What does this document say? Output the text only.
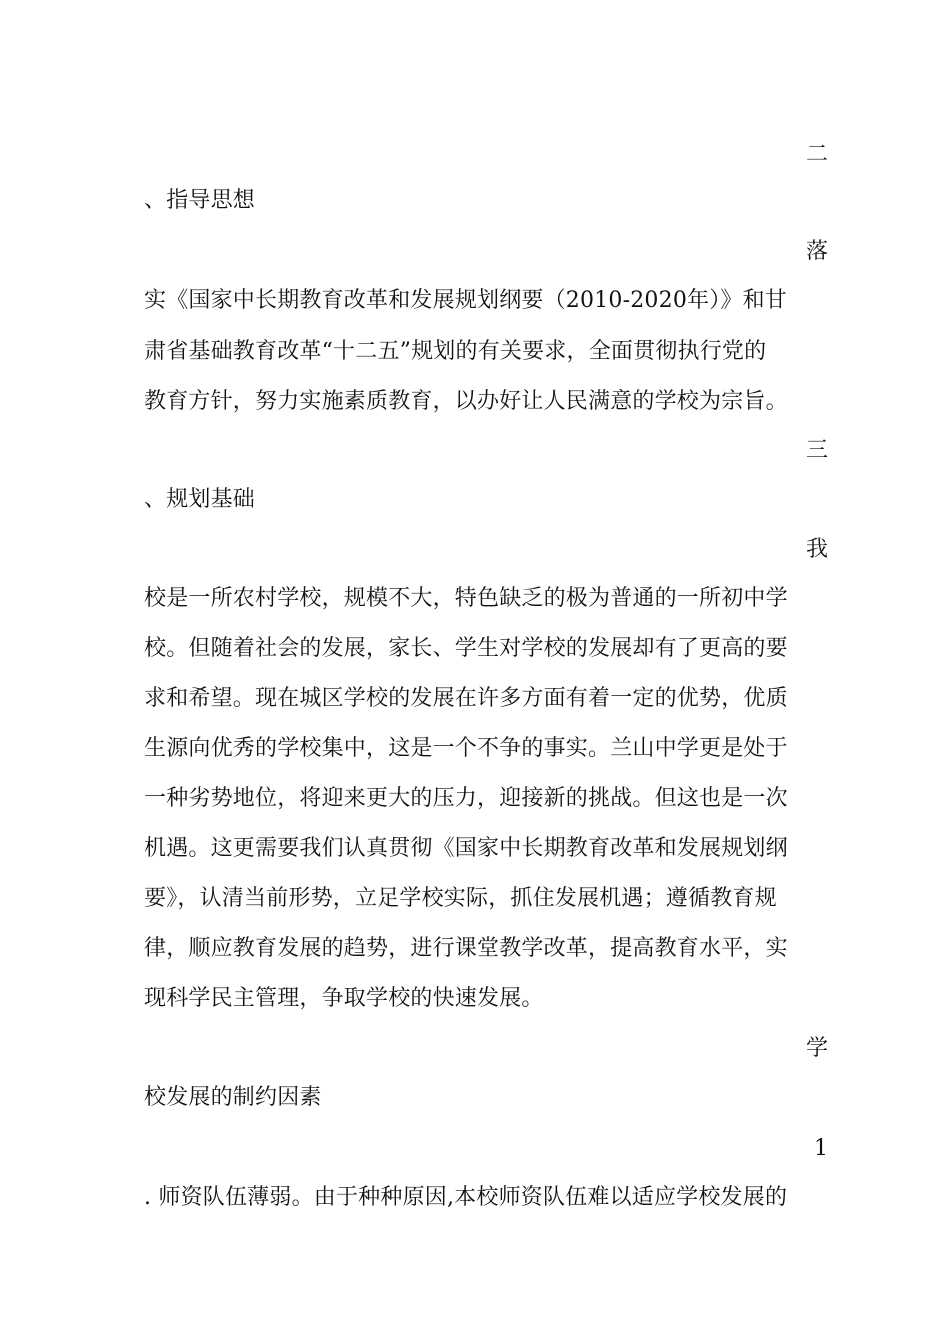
二
、指导思想
落
实《国家中长期教育改革和发展规划纲要（2010-2020年）》和甘
肃省基础教育改革“十二五”规划的有关要求，全面贯彻执行党的
教育方针，努力实施素质教育，以办好让人民满意的学校为宗旨。
三
、规划基础
我
校是一所农村学校，规模不大，特色缺乏的极为普通的一所初中学
校。但随着社会的发展，家长、学生对学校的发展却有了更高的要
求和希望。现在城区学校的发展在许多方面有着一定的优势，优质
生源向优秀的学校集中，这是一个不争的事实。兰山中学更是处于
一种劣势地位，将迎来更大的压力，迎接新的挑战。但这也是一次
机遇。这更需要我们认真贯彻《国家中长期教育改革和发展规划纲
要》，认清当前形势，立足学校实际，抓住发展机遇；遵循教育规
律，顺应教育发展的趋势，进行课堂教学改革，提高教育水平，实
现科学民主管理，争取学校的快速发展。
学
校发展的制约因素
1
. 师资队伍薄弱。由于种种原因,本校师资队伍难以适应学校发展的
